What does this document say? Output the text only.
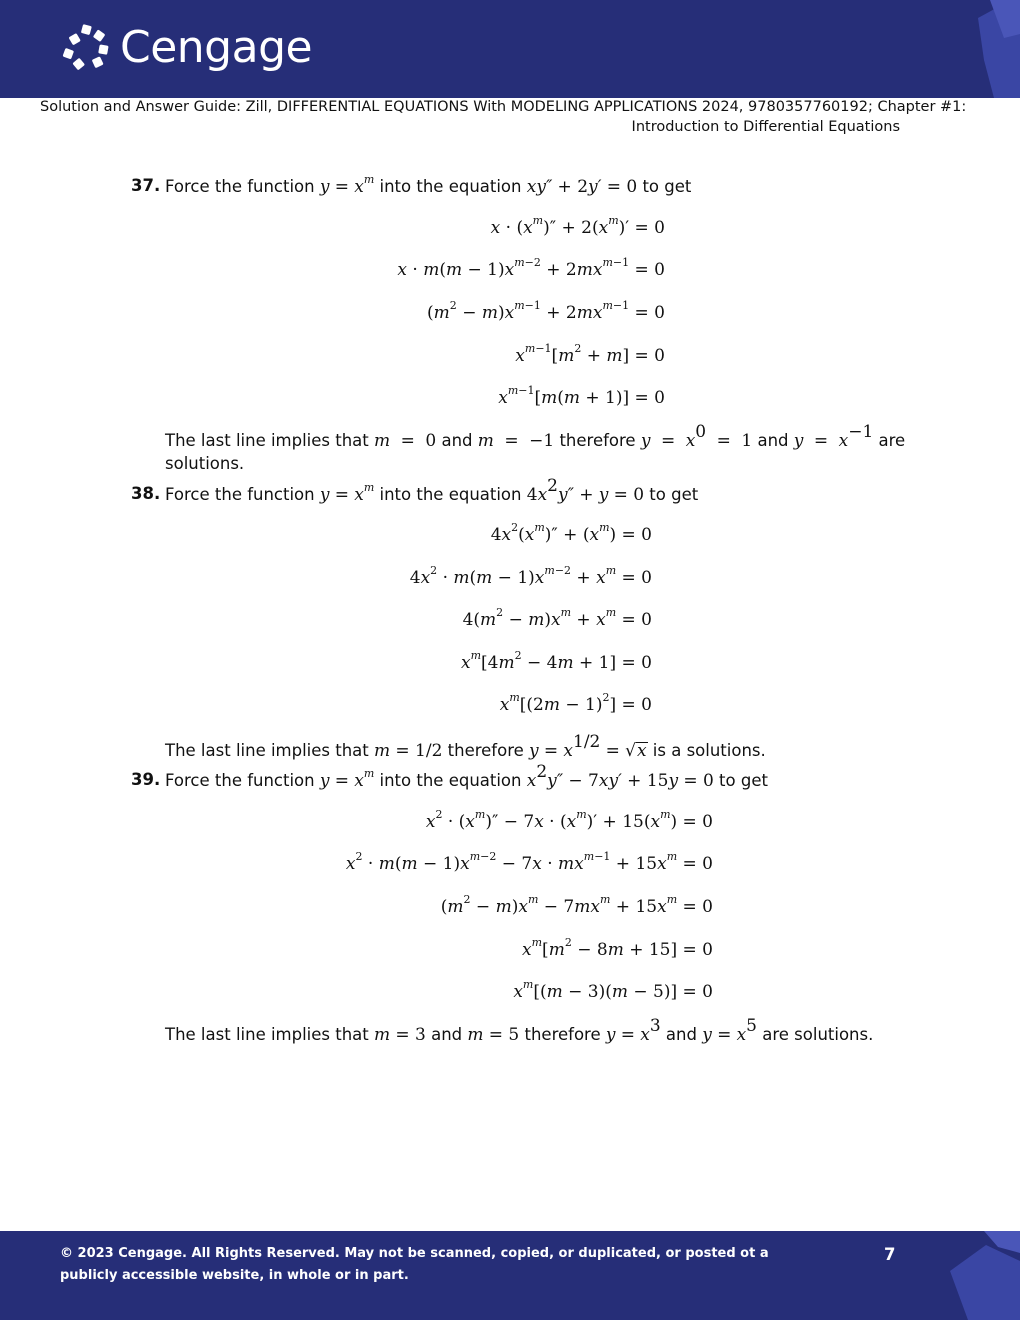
Cengage
Solution and Answer Guide: Zill, DIFFERENTIAL EQUATIONS With MODELING APPLICATIONS 2024, 9780357760192; Chapter #1:
Introduction to Differential Equations
37. Force the function $y = x^m$ into the equation xy″ + 2y′ = 0 to get
$x \cdot (x^m)'' + 2(x^m)' = 0$
$x \cdot m(m - 1)x^{m-2} + 2mx^{m-1} = 0$
$(m^2 - m)x^{m-1} + 2mx^{m-1} = 0$
$x^{m-1}[m^2 + m] = 0$
$x^{m-1}[m(m + 1)] = 0$
The last line implies that m = 0 and m = −1 therefore $y = x^0 = 1$ and $y = x^{-1}$ are
solutions.
38. Force the function $y = x^m$ into the equation $4x^2y'' + y = 0$ to get
$4x^2(x^m)'' + (x^m) = 0$
$4x^2 \cdot m(m - 1)x^{m-2} + x^m = 0$
$4(m^2 - m)x^m + x^m = 0$
$x^m[4m^2 - 4m + 1] = 0$
$x^m[(2m - 1)^2] = 0$
The last line implies that m = 1/2 therefore $y = x^{1/2} = √x$ is a solutions.
39. Force the function $y = x^m$ into the equation $x^2y'' - 7xy' + 15y = 0$ to get
$x^2 \cdot (x^m)'' - 7x \cdot (x^m)' + 15(x^m) = 0$
$x^2 \cdot m(m - 1)x^{m-2} - 7x \cdot mx^{m-1} + 15x^m = 0$
$(m^2 - m)x^m - 7mx^m + 15x^m = 0$
$x^m[m^2 - 8m + 15] = 0$
$x^m[(m - 3)(m - 5)] = 0$
The last line implies that m = 3 and m = 5 therefore $y = x^3$ and $y = x^5$ are solutions.
© 2023 Cengage. All Rights Reserved. May not be scanned, copied, or duplicated, or posted ot a publicly accessible website, in whole or in part.
7
